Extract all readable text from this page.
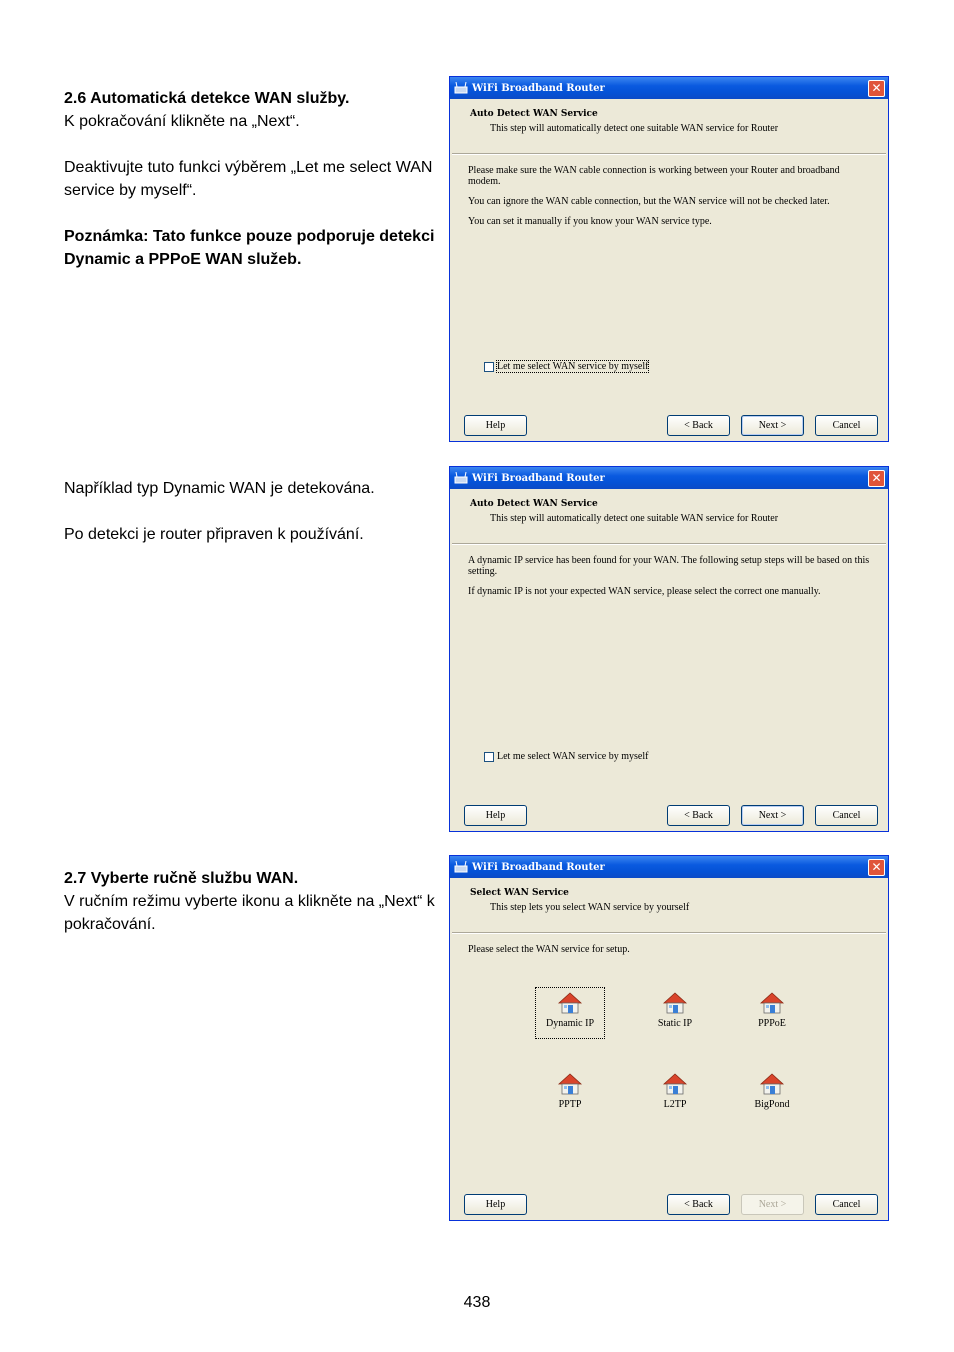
2.6 Automatická detekce WAN služby.

K pokračování klikněte na „Next“.

Deaktivujte tuto funkci výběrem „Let me select WAN service by myself“.

Poznámka: Tato funkce pouze podporuje detekci Dynamic a PPPoE WAN služeb.

Například typ Dynamic WAN je detekována.

Po detekci je router připraven k používání.

2.7 Vyberte ručně službu WAN.

V ručním režimu vyberte ikonu a klikněte na „Next“ k pokračování.

WiFi Broadband Router	✕
Auto Detect WAN Service
This step will automatically detect one suitable WAN service for Router

Please make sure the WAN cable connection is working between your Router and broadband modem.

You can ignore the WAN cable connection, but the WAN service will not be checked later.

You can set it manually if you know your WAN service type.

Let me select WAN service by myself
Help	< Back	Next >	Cancel
WiFi Broadband Router	✕
Auto Detect WAN Service
This step will automatically detect one suitable WAN service for Router

A dynamic IP service has been found for your WAN. The following setup steps will be based on this setting.

If dynamic IP is not your expected WAN service, please select the correct one manually.

Let me select WAN service by myself
Help	< Back	Next >	Cancel
WiFi Broadband Router	✕
Select WAN Service
This step lets you select WAN service by yourself

Please select the WAN service for setup.

Dynamic IP	Static IP	PPPoE
PPTP	L2TP	BigPond
Help	< Back	Next >	Cancel
438
